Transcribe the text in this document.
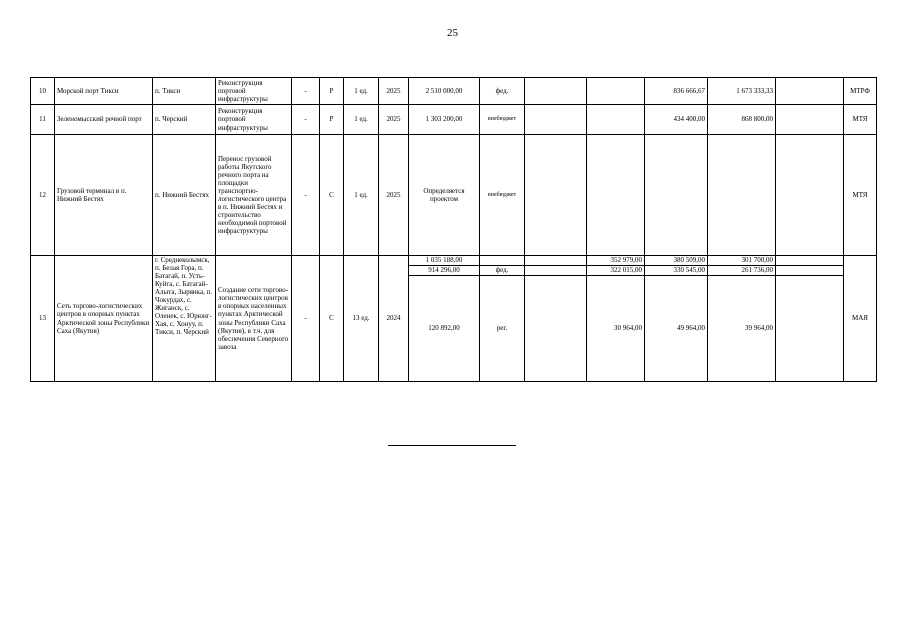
25
10	Морской порт Тикси	п. Тикси	Реконструкция портовой инфраструктуры	-	Р	1 ед.	2025	2 510 000,00	фед.			836 666,67	1 673 333,33		МТРФ
11	Зеленомысский речной порт	п. Черский	Реконструкция портовой инфраструктуры	-	Р	1 ед.	2025	1 303 200,00	внебюджет			434 400,00	868 800,00		МТЯ
12	Грузовой терминал в п. Нижний Бестях	п. Нижний Бестях	Перенос грузовой работы Якутского речного порта на площадки транспортно-логистического центра в п. Нижний Бестях и строительство необходимой портовой инфраструктуры	-	С	1 ед.	2025	Определяется проектом	внебюджет						МТЯ
13	Сеть торгово-логистических центров в опорных пунктах Арктической зоны Республики Саха (Якутия)	г. Среднеколымск, п. Белая Гора, п. Батагай, п. Усть-Куйга, с. Батагай-Алыта, Зырянка, п. Чокурдах, с. Жиганск, с. Оленек, с. Юрюнг-Хая, с. Хонуу, п. Тикси, п. Черский	Создание сети торгово-логистических центров в опорных населенных пунктах Арктической зоны Республики Саха (Якутия), в т.ч. для обеспечения Северного завоза	-	С	13 ед.	2024	1 035 188,00			352 979,00	380 509,00	301 700,00		МАЯ
								914 296,00	фед.		322 015,00	330 545,00	261 736,00		
								120 892,00	рег.		30 964,00	49 964,00	39 964,00		
